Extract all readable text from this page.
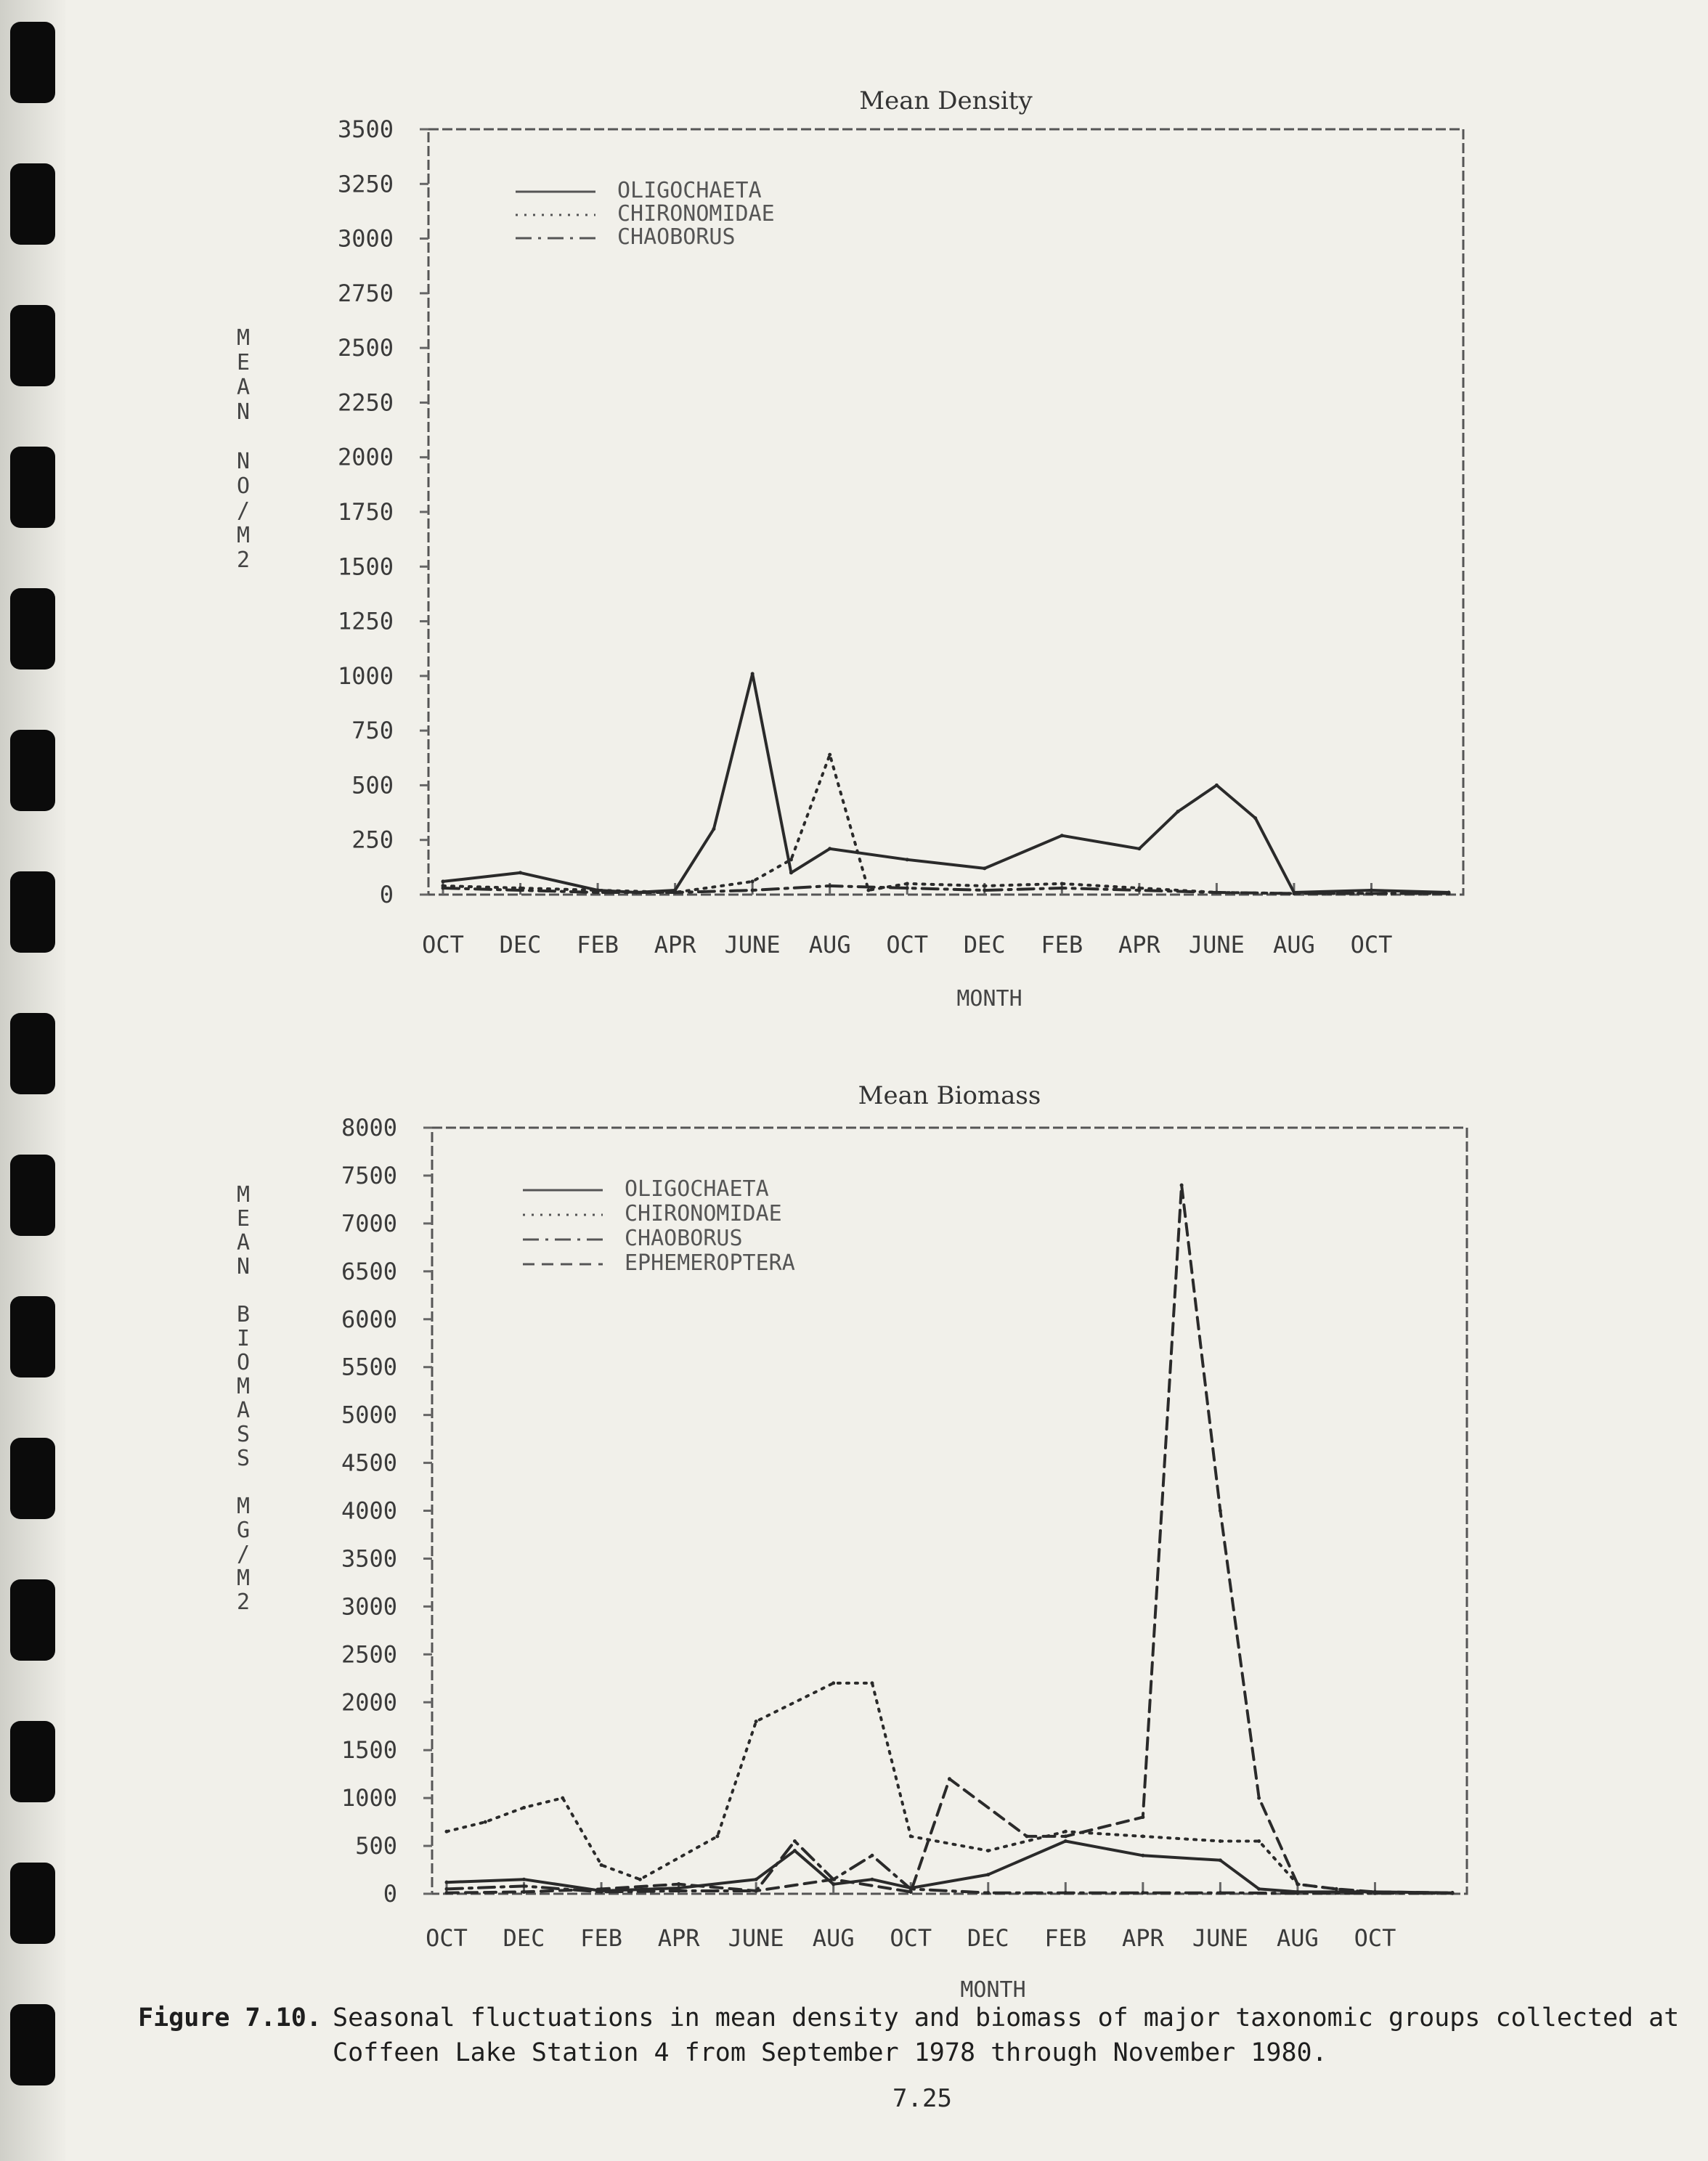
Mean Density
0
250
500
750
1000
1250
1500
1750
2000
2250
2500
2750
3000
3250
3500
OCT DEC FEB APR JUNE AUG OCT DEC FEB APR JUNE AUG OCT
MONTH
M
E
A
N
N
O
/
M
2
OLIGOCHAETA
CHIRONOMIDAE
CHAOBORUS
Mean Biomass
0
500
1000
1500
2000
2500
3000
3500
4000
4500
5000
5500
6000
6500
7000
7500
8000
OCT DEC FEB APR JUNE AUG OCT DEC FEB APR JUNE AUG OCT
MONTH
M
E
A
N
B
I
O
M
A
S
S
M
G
/
M
2
OLIGOCHAETA
CHIRONOMIDAE
CHAOBORUS
EPHEMEROPTERA
Figure 7.10. Seasonal fluctuations in mean density and biomass of major taxonomic groups collected at Coffeen Lake Station 4 from September 1978 through November 1980.
7.25
